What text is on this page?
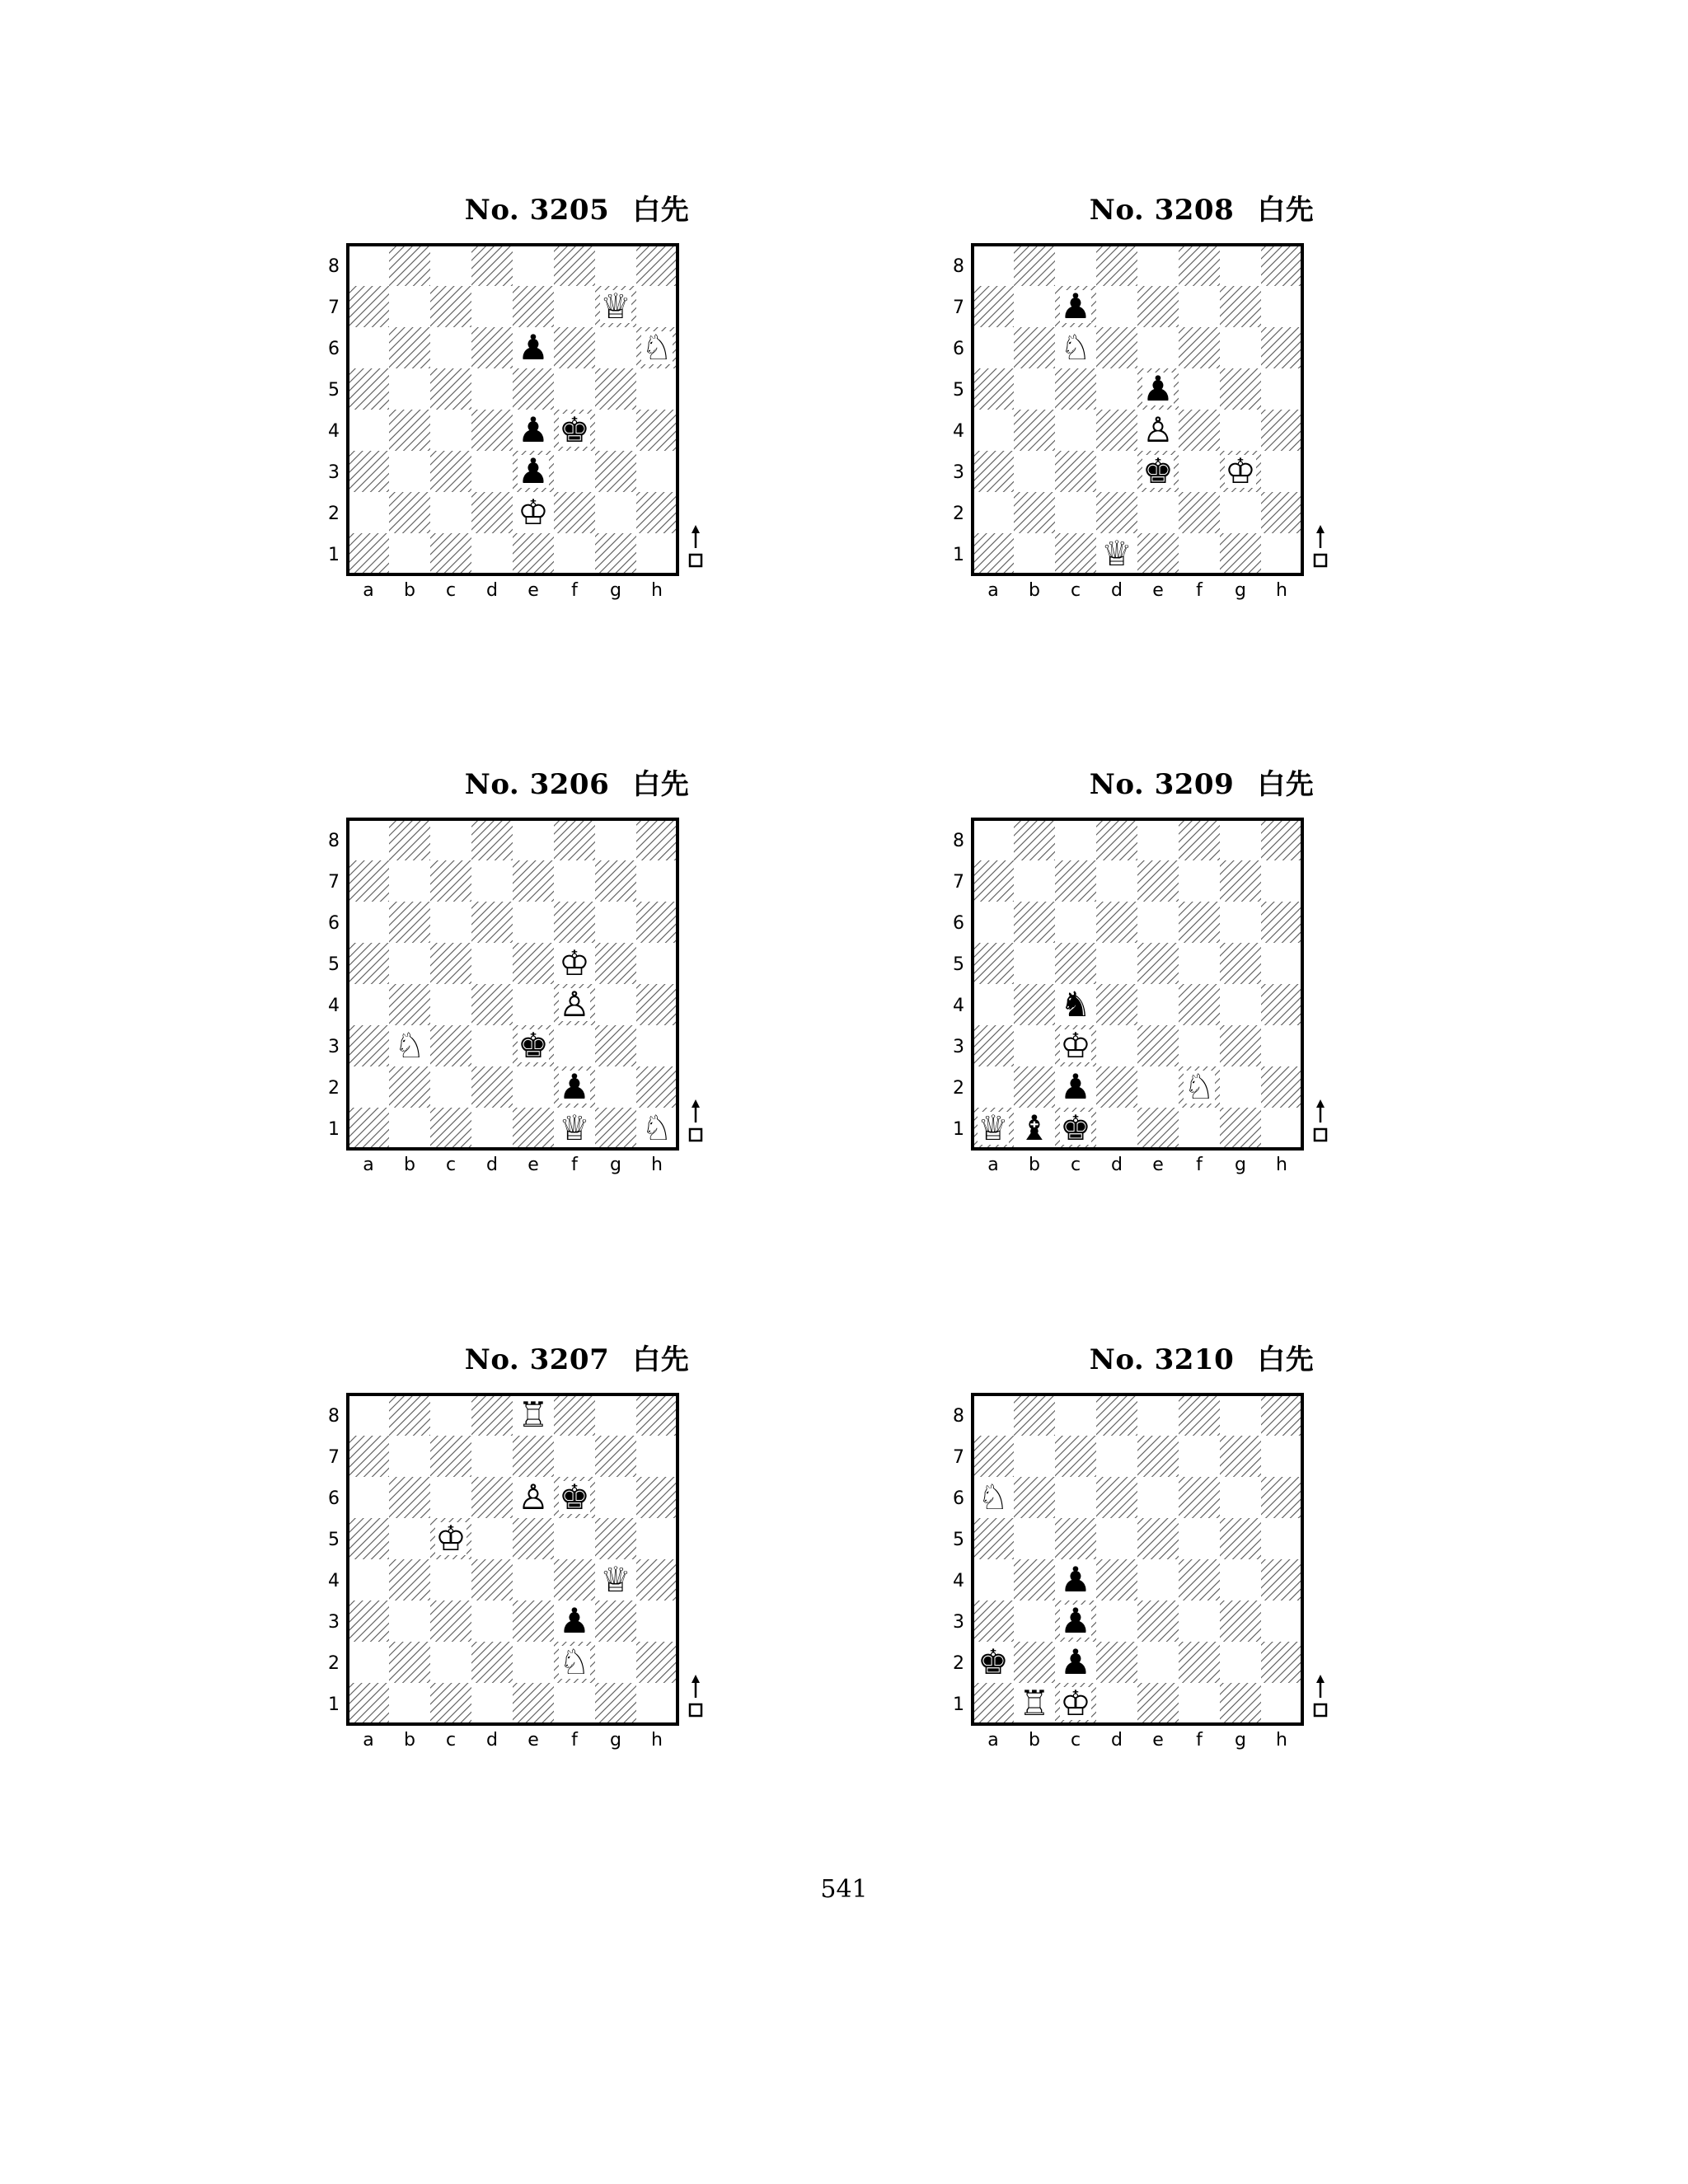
No. 3205 白先
♕
♘
♟
♟ ♚
♟
♔
8
7
6
5
4
3
2
1
a b c d e f g h
No. 3208 白先
♟
♘
♟
♙
♚ ♔
♕
8
7
6
5
4
3
2
1
a b c d e f g h
No. 3206 白先
♔
♙
♘	♚
♟
♕ ♘
8
7
6
5
4
3
2
1
a b c d e f g h
No. 3209 白先
♞
♔
♟	♘
♕ ♝ ♚
8
7
6
5
4
3
2
1
a b c d e f g h
No. 3207 白先
♖
♙ ♚
♔
♕
♟
♘
8
7
6
5
4
3
2
1
a b c d e f g h
No. 3210 白先
♘
♟
♟
♚ ♟
♖ ♔
8
7
6
5
4
3
2
1
a b c d e f g h
541
